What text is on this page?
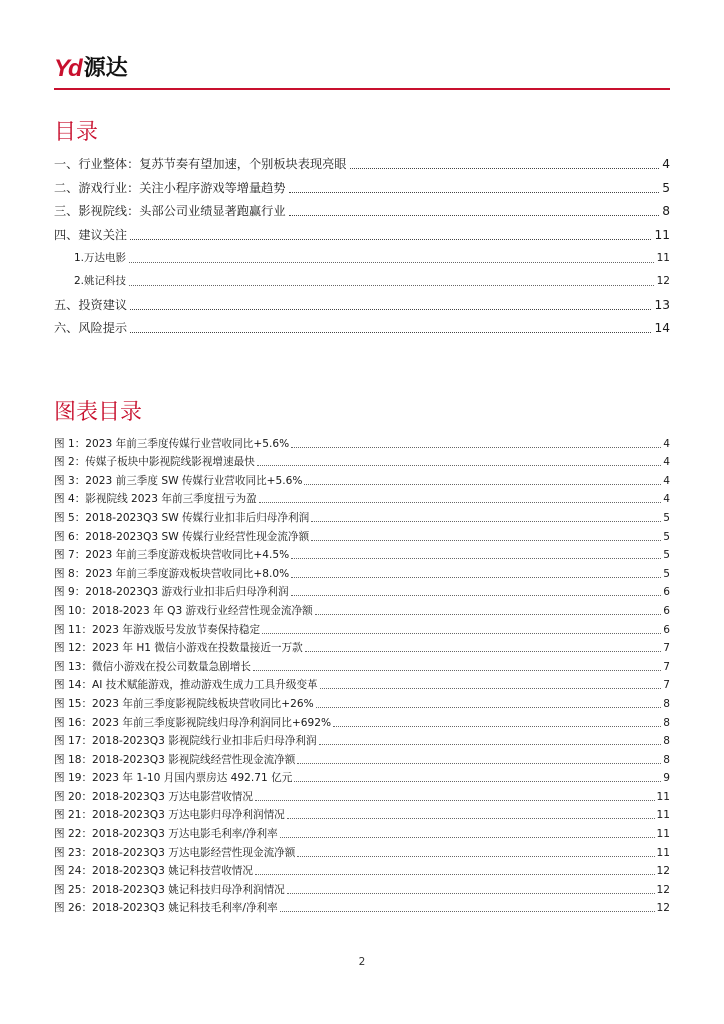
Yd 源达
目录
一、行业整体：复苏节奏有望加速，个别板块表现亮眼	4
二、游戏行业：关注小程序游戏等增量趋势	5
三、影视院线：头部公司业绩显著跑赢行业	8
四、建议关注	11
1.万达电影	11
2.姚记科技	12
五、投资建议	13
六、风险提示	14
图表目录
图 1：2023 年前三季度传媒行业营收同比+5.6%	4
图 2：传媒子板块中影视院线影视增速最快	4
图 3：2023 前三季度 SW 传媒行业营收同比+5.6%	4
图 4：影视院线 2023 年前三季度扭亏为盈	4
图 5：2018-2023Q3 SW 传媒行业扣非后归母净利润	5
图 6：2018-2023Q3 SW 传媒行业经营性现金流净额	5
图 7：2023 年前三季度游戏板块营收同比+4.5%	5
图 8：2023 年前三季度游戏板块营收同比+8.0%	5
图 9：2018-2023Q3 游戏行业扣非后归母净利润	6
图 10：2018-2023 年 Q3 游戏行业经营性现金流净额	6
图 11：2023 年游戏版号发放节奏保持稳定	6
图 12：2023 年 H1 微信小游戏在投数量接近一万款	7
图 13：微信小游戏在投公司数量急剧增长	7
图 14：AI 技术赋能游戏，推动游戏生成力工具升级变革	7
图 15：2023 年前三季度影视院线板块营收同比+26%	8
图 16：2023 年前三季度影视院线归母净利润同比+692%	8
图 17：2018-2023Q3 影视院线行业扣非后归母净利润	8
图 18：2018-2023Q3 影视院线经营性现金流净额	8
图 19：2023 年 1-10 月国内票房达 492.71 亿元	9
图 20：2018-2023Q3 万达电影营收情况	11
图 21：2018-2023Q3 万达电影归母净利润情况	11
图 22：2018-2023Q3 万达电影毛利率/净利率	11
图 23：2018-2023Q3 万达电影经营性现金流净额	11
图 24：2018-2023Q3 姚记科技营收情况	12
图 25：2018-2023Q3 姚记科技归母净利润情况	12
图 26：2018-2023Q3 姚记科技毛利率/净利率	12
2
